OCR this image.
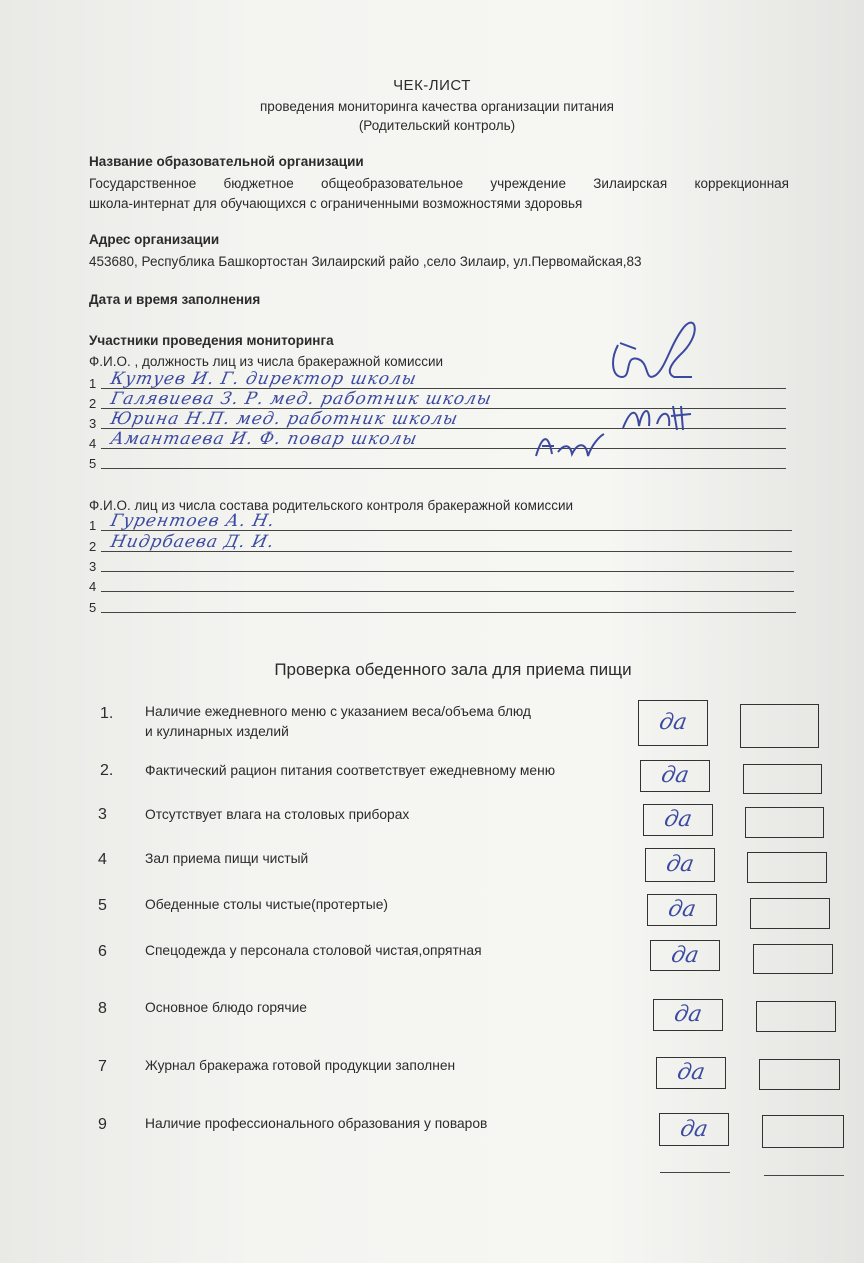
ЧЕК-ЛИСТ
проведения мониторинга качества организации питания
(Родительский контроль)
Название образовательной организации
Государственное бюджетное общеобразовательное учреждение Зилаирская коррекционная
школа-интернат для обучающихся с ограниченными возможностями здоровья
Адрес организации
453680, Республика Башкортостан Зилаирский райо ,село Зилаир, ул.Первомайская,83
Дата и время заполнения
Участники проведения мониторинга
Ф.И.О. , должность лиц из числа бракеражной комиссии
1 Кутуев И. Г. директор школы
2 Галявиева З. Р. мед. работник школы
3 Юрина Н.П. мед. работник школы
4 Амантаева И. Ф. повар школы
5
Ф.И.О. лиц из числа состава родительского контроля бракеражной комиссии
1 Гурентоев А. Н.
2 Нидрбаева Д. И.
3
4
5
Проверка обеденного зала для приема пищи
1. Наличие ежедневного меню с указанием веса/объема блюд
и кулинарных изделий	да
2. Фактический рацион питания соответствует ежедневному меню	да
3	Отсутствует влага на столовых приборах	да
4	Зал приема пищи чистый	да
5	Обеденные столы чистые(протертые)	да
6	Спецодежда у персонала столовой чистая,опрятная	да
8	Основное блюдо горячие	да
7	Журнал бракеража готовой продукции заполнен	да
9	Наличие профессионального образования у поваров	да
